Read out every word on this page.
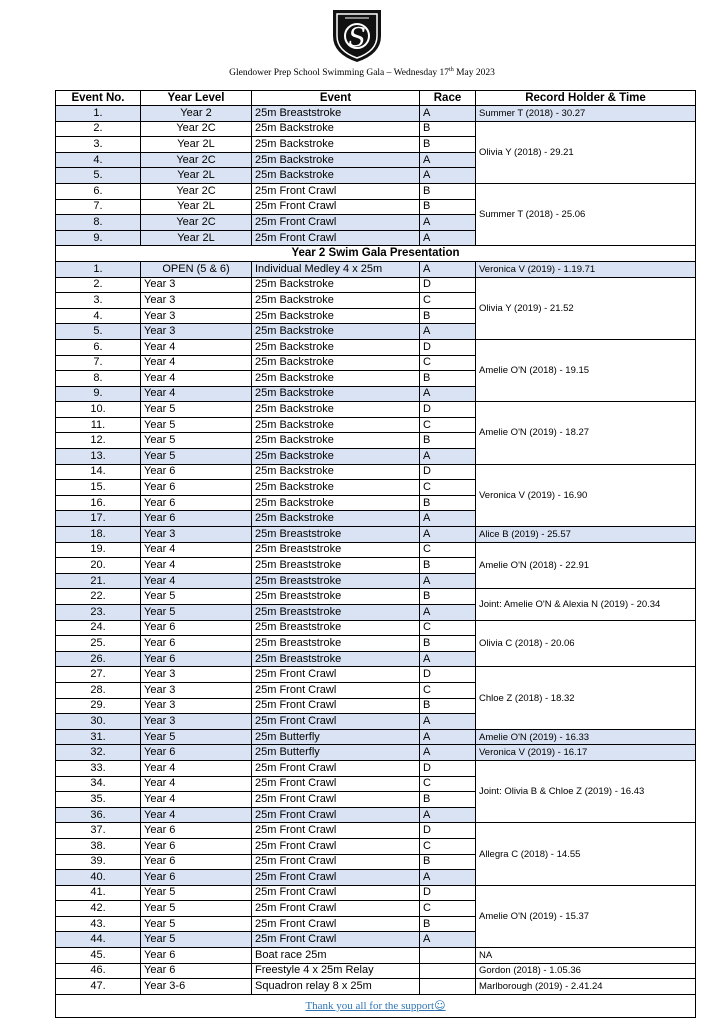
S
Glendower Prep School Swimming Gala – Wednesday 17th May 2023
Event No.	Year Level	Event	Race	Record Holder & Time
1.	Year 2	25m Breaststroke	A	Summer T (2018) - 30.27
2.	Year 2C	25m Backstroke	B	Olivia Y (2018) - 29.21
3.	Year 2L	25m Backstroke	B	
4.	Year 2C	25m Backstroke	A	
5.	Year 2L	25m Backstroke	A	
6.	Year 2C	25m Front Crawl	B	Summer T (2018) - 25.06
7.	Year 2L	25m Front Crawl	B	
8.	Year 2C	25m Front Crawl	A	
9.	Year 2L	25m Front Crawl	A	
Year 2 Swim Gala Presentation				
1.	OPEN (5 & 6)	Individual Medley 4 x 25m	A	Veronica V (2019) - 1.19.71
2.	Year 3	25m Backstroke	D	Olivia Y (2019) - 21.52
3.	Year 3	25m Backstroke	C	
4.	Year 3	25m Backstroke	B	
5.	Year 3	25m Backstroke	A	
6.	Year 4	25m Backstroke	D	Amelie O'N (2018) - 19.15
7.	Year 4	25m Backstroke	C	
8.	Year 4	25m Backstroke	B	
9.	Year 4	25m Backstroke	A	
10.	Year 5	25m Backstroke	D	Amelie O'N (2019) - 18.27
11.	Year 5	25m Backstroke	C	
12.	Year 5	25m Backstroke	B	
13.	Year 5	25m Backstroke	A	
14.	Year 6	25m Backstroke	D	Veronica V (2019) - 16.90
15.	Year 6	25m Backstroke	C	
16.	Year 6	25m Backstroke	B	
17.	Year 6	25m Backstroke	A	
18.	Year 3	25m Breaststroke	A	Alice B (2019) - 25.57
19.	Year 4	25m Breaststroke	C	Amelie O'N (2018) - 22.91
20.	Year 4	25m Breaststroke	B	
21.	Year 4	25m Breaststroke	A	
22.	Year 5	25m Breaststroke	B	Joint: Amelie O'N & Alexia N (2019) - 20.34
23.	Year 5	25m Breaststroke	A	
24.	Year 6	25m Breaststroke	C	Olivia C (2018) - 20.06
25.	Year 6	25m Breaststroke	B	
26.	Year 6	25m Breaststroke	A	
27.	Year 3	25m Front Crawl	D	Chloe Z (2018) - 18.32
28.	Year 3	25m Front Crawl	C	
29.	Year 3	25m Front Crawl	B	
30.	Year 3	25m Front Crawl	A	
31.	Year 5	25m Butterfly	A	Amelie O'N (2019) - 16.33
32.	Year 6	25m Butterfly	A	Veronica V (2019) - 16.17
33.	Year 4	25m Front Crawl	D	Joint: Olivia B & Chloe Z (2019) - 16.43
34.	Year 4	25m Front Crawl	C	
35.	Year 4	25m Front Crawl	B	
36.	Year 4	25m Front Crawl	A	
37.	Year 6	25m Front Crawl	D	Allegra C (2018) - 14.55
38.	Year 6	25m Front Crawl	C	
39.	Year 6	25m Front Crawl	B	
40.	Year 6	25m Front Crawl	A	
41.	Year 5	25m Front Crawl	D	Amelie O'N (2019) - 15.37
42.	Year 5	25m Front Crawl	C	
43.	Year 5	25m Front Crawl	B	
44.	Year 5	25m Front Crawl	A	
45.	Year 6	Boat race 25m		NA
46.	Year 6	Freestyle 4 x 25m Relay		Gordon (2018) - 1.05.36
47.	Year 3-6	Squadron relay 8 x 25m		Marlborough (2019) - 2.41.24
Thank you all for the support☺				
